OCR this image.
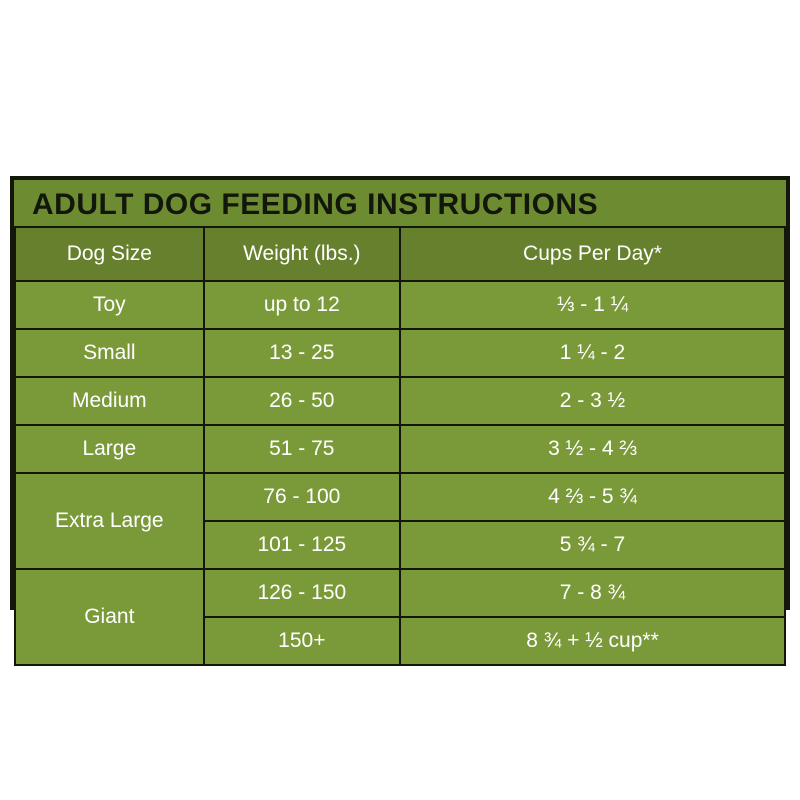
ADULT DOG FEEDING INSTRUCTIONS
Dog Size	Weight (lbs.)	Cups Per Day*
Toy	up to 12	⅓ - 1 ¼
Small	13 - 25	1 ¼ - 2
Medium	26 - 50	2 - 3 ½
Large	51 - 75	3 ½ - 4 ⅔
Extra Large	76 - 100	4 ⅔ - 5 ¾
	101 - 125	5 ¾ - 7
Giant	126 - 150	7 - 8 ¾
	150+	8 ¾ + ½ cup**
